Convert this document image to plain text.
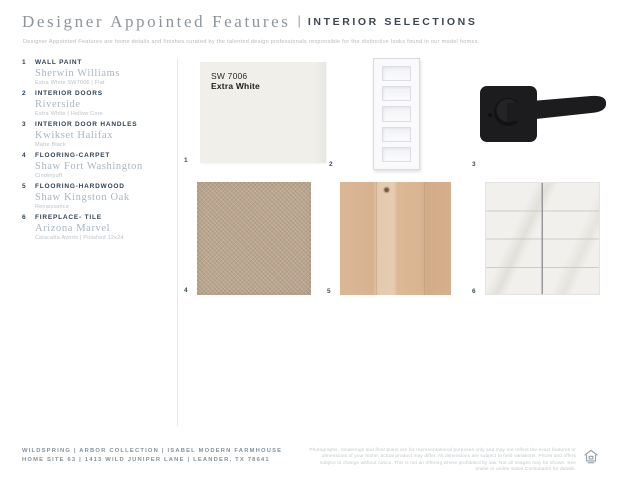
Designer Appointed Features | INTERIOR SELECTIONS
Designer Appointed Features are home details and finishes curated by the talented design professionals responsible for the distinctive looks found in our model homes.
1	WALL PAINT
Sherwin Williams
Extra White SW7006 | Flat
2	INTERIOR DOORS
Riverside
Extra White | Hollow Core
3	INTERIOR DOOR HANDLES
Kwikset Halifax
Matte Black
4	FLOORING-CARPET
Shaw Fort Washington
Cinderpuff
5	FLOORING-HARDWOOD
Shaw Kingston Oak
Renaissance
6	FIREPLACE- TILE
Arizona Marvel
Calacatta Avorio | Polished 12x24
SW 7006
Extra White
1
2	3
4	5	6
WILDSPRING | ARBOR COLLECTION | ISABEL MODERN FARMHOUSE
HOME SITE 63 | 1413 WILD JUNIPER LANE | LEANDER, TX 78641
Photographs, renderings and floor plans are for representational purposes only and may not reflect the exact features or dimensions of your home, actual product may differ. All dimensions are subject to field variations. Prices and offers subject to change without notice. This is not an offering where prohibited by law. Not all images may be shown. See onsite or online Sales Consultants for details.
